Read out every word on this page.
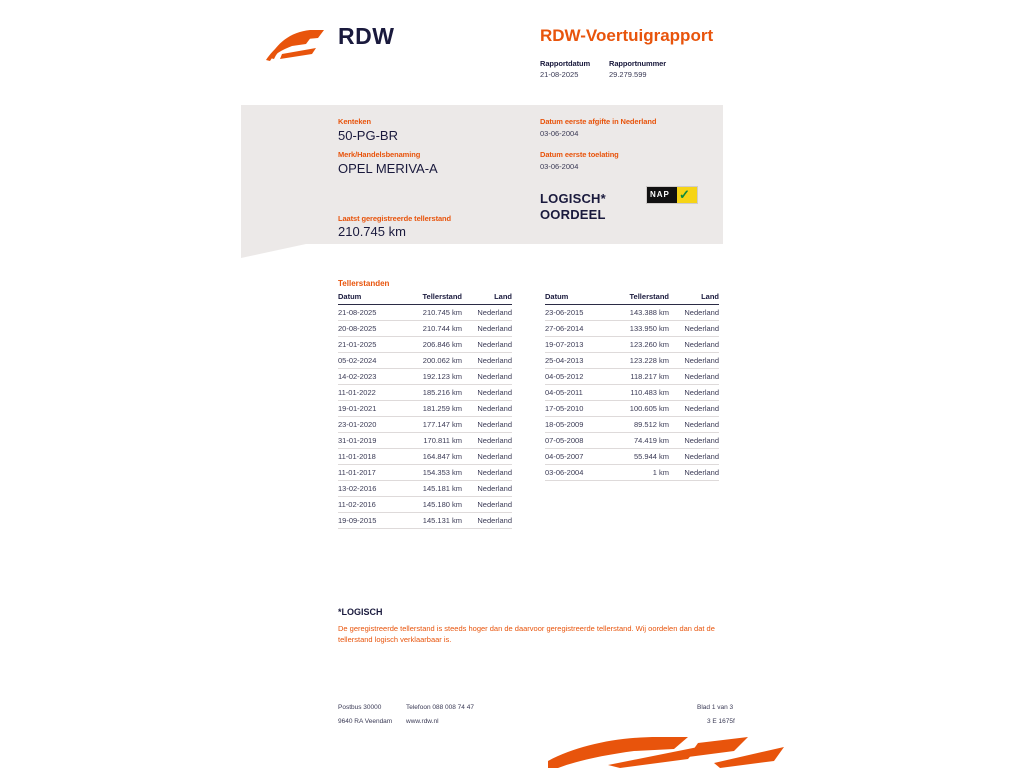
RDW	RDW-Voertuigrapport
Rapportdatum
21-08-2025
Rapportnummer
29.279.599
Kenteken
50-PG-BR
Merk/Handelsbenaming
OPEL MERIVA-A
Laatst geregistreerde tellerstand
210.745 km
Datum eerste afgifte in Nederland
03-06-2004
Datum eerste toelating
03-06-2004
LOGISCH*
OORDEEL
NAP ✓
Tellerstanden
Datum	Tellerstand	Land
21-08-2025	210.745 km	Nederland
20-08-2025	210.744 km	Nederland
21-01-2025	206.846 km	Nederland
05-02-2024	200.062 km	Nederland
14-02-2023	192.123 km	Nederland
11-01-2022	185.216 km	Nederland
19-01-2021	181.259 km	Nederland
23-01-2020	177.147 km	Nederland
31-01-2019	170.811 km	Nederland
11-01-2018	164.847 km	Nederland
11-01-2017	154.353 km	Nederland
13-02-2016	145.181 km	Nederland
11-02-2016	145.180 km	Nederland
19-09-2015	145.131 km	Nederland
Datum	Tellerstand	Land
23-06-2015	143.388 km	Nederland
27-06-2014	133.950 km	Nederland
19-07-2013	123.260 km	Nederland
25-04-2013	123.228 km	Nederland
04-05-2012	118.217 km	Nederland
04-05-2011	110.483 km	Nederland
17-05-2010	100.605 km	Nederland
18-05-2009	89.512 km	Nederland
07-05-2008	74.419 km	Nederland
04-05-2007	55.944 km	Nederland
03-06-2004	1 km	Nederland
*LOGISCH
De geregistreerde tellerstand is steeds hoger dan de daarvoor geregistreerde tellerstand. Wij oordelen dan dat de tellerstand logisch verklaarbaar is.
Postbus 30000
9640 RA Veendam
Telefoon 088 008 74 47
www.rdw.nl
Blad 1 van 3
3 E 1675f
